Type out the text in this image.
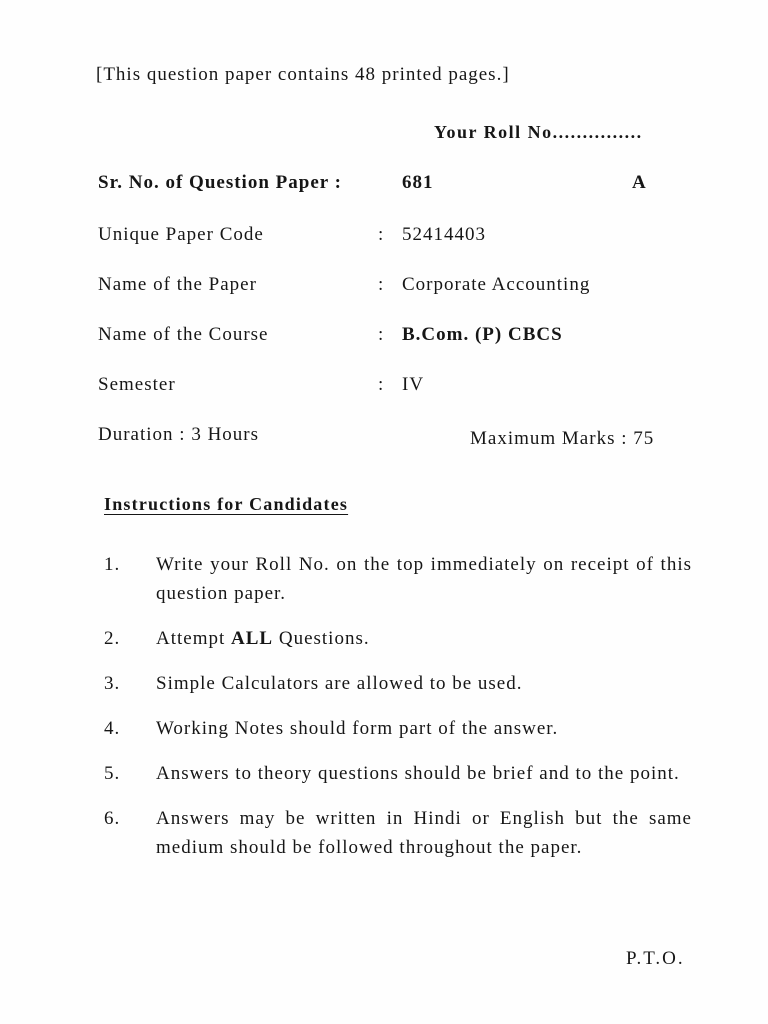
[This question paper contains 48 printed pages.]
Your Roll No...............
Sr. No. of Question Paper :	681	A
Unique Paper Code	: 52414403
Name of the Paper	: Corporate Accounting
Name of the Course	: B.Com. (P) CBCS
Semester	: IV
Duration : 3 Hours	Maximum Marks : 75
Instructions for Candidates
1. Write your Roll No. on the top immediately on receipt of this question paper.
2. Attempt ALL Questions.
3. Simple Calculators are allowed to be used.
4. Working Notes should form part of the answer.
5. Answers to theory questions should be brief and to the point.
6. Answers may be written in Hindi or English but the same medium should be followed throughout the paper.
P.T.O.
